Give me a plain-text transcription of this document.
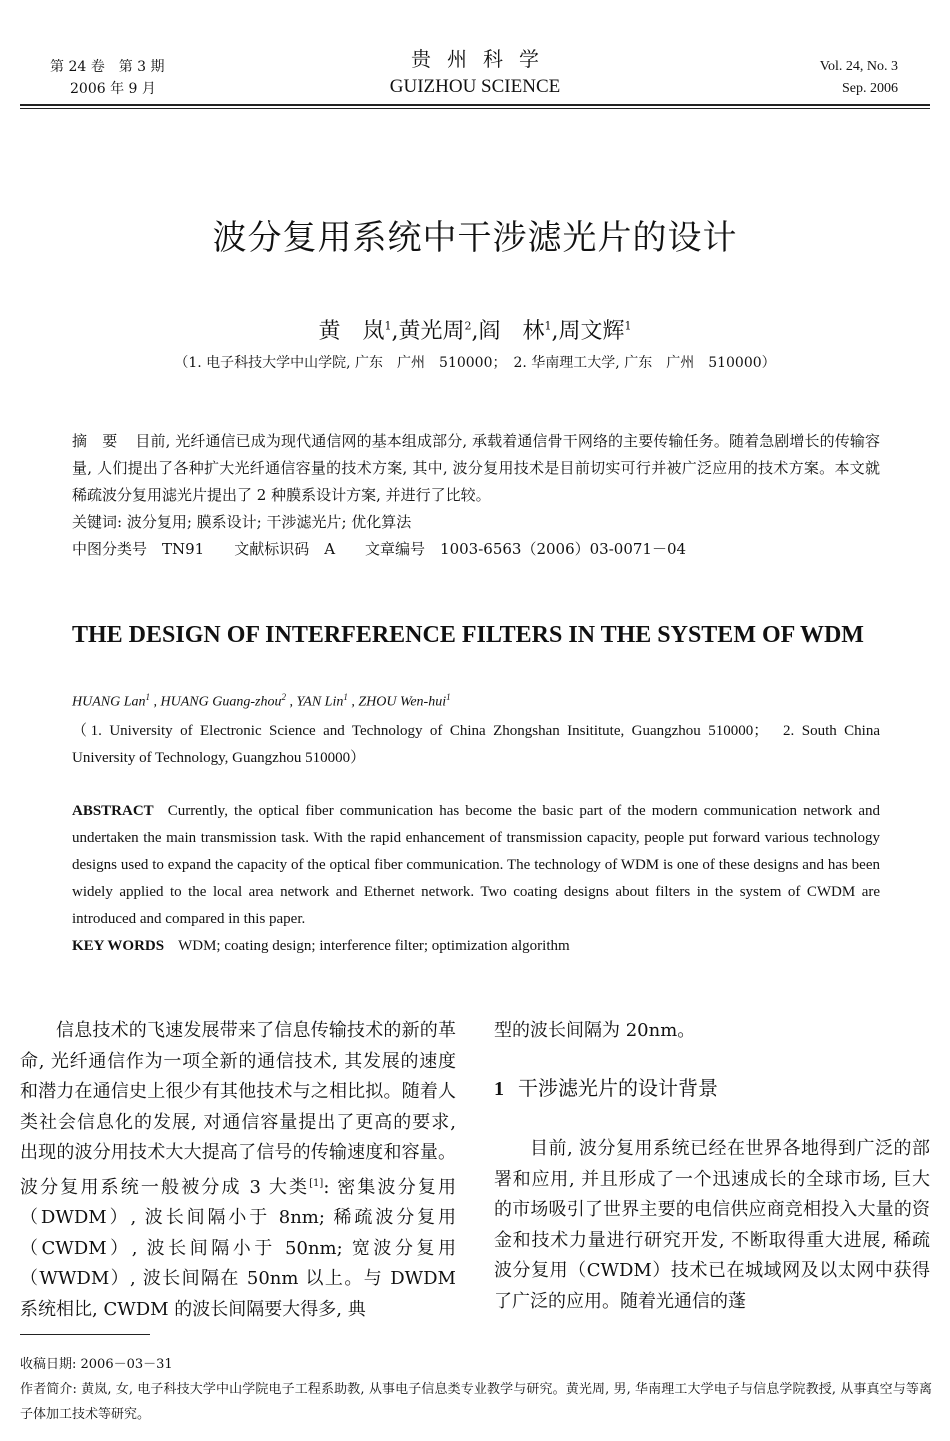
第 24 卷　第 3 期
2006 年 9 月
贵州科学
GUIZHOU SCIENCE
Vol. 24, No. 3
Sep. 2006
波分复用系统中干涉滤光片的设计
黄　岚$^1$,黄光周$^2$,阎　林$^1$,周文辉$^1$
（1. 电子科技大学中山学院, 广东　广州　510000；　2. 华南理工大学, 广东　广州　510000）

摘　要 目前, 光纤通信已成为现代通信网的基本组成部分, 承载着通信骨干网络的主要传输任务。随着急剧增长的传输容量, 人们提出了各种扩大光纤通信容量的技术方案, 其中, 波分复用技术是目前切实可行并被广泛应用的技术方案。本文就稀疏波分复用滤光片提出了 2 种膜系设计方案, 并进行了比较。

关键词: 波分复用; 膜系设计; 干涉滤光片; 优化算法

中图分类号　TN91　　文献标识码　A　　文章编号　1003-6563（2006）03-0071－04

THE DESIGN OF INTERFERENCE FILTERS IN THE SYSTEM OF WDM
HUANG Lan$^1$ , HUANG Guang-zhou$^2$ , YAN Lin$^1$ , ZHOU Wen-hui$^1$
（1. University of Electronic Science and Technology of China Zhongshan Insititute, Guangzhou 510000；　2. South China University of Technology, Guangzhou 510000）

ABSTRACT Currently, the optical fiber communication has become the basic part of the modern communication network and undertaken the main transmission task. With the rapid enhancement of transmission capacity, people put forward various technology designs used to expand the capacity of the optical fiber communication. The technology of WDM is one of these designs and has been widely applied to the local area network and Ethernet network. Two coating designs about filters in the system of CWDM are introduced and compared in this paper.

KEY WORDS WDM; coating design; interference filter; optimization algorithm

信息技术的飞速发展带来了信息传输技术的新的革命, 光纤通信作为一项全新的通信技术, 其发展的速度和潜力在通信史上很少有其他技术与之相比拟。随着人类社会信息化的发展, 对通信容量提出了更高的要求, 出现的波分用技术大大提高了信号的传输速度和容量。波分复用系统一般被分成 3 大类[1]: 密集波分复用（DWDM）, 波长间隔小于 8nm; 稀疏波分复用（CWDM）, 波长间隔小于 50nm; 宽波分复用（WWDM）, 波长间隔在 50nm 以上。与 DWDM 系统相比, CWDM 的波长间隔要大得多, 典

型的波长间隔为 20nm。

1 干涉滤光片的设计背景

目前, 波分复用系统已经在世界各地得到广泛的部署和应用, 并且形成了一个迅速成长的全球市场, 巨大的市场吸引了世界主要的电信供应商竞相投入大量的资金和技术力量进行研究开发, 不断取得重大进展, 稀疏波分复用（CWDM）技术已在城域网及以太网中获得了广泛的应用。随着光通信的蓬

收稿日期: 2006－03－31

作者简介: 黄岚, 女, 电子科技大学中山学院电子工程系助教, 从事电子信息类专业教学与研究。黄光周, 男, 华南理工大学电子与信息学院教授, 从事真空与等离子体加工技术等研究。
